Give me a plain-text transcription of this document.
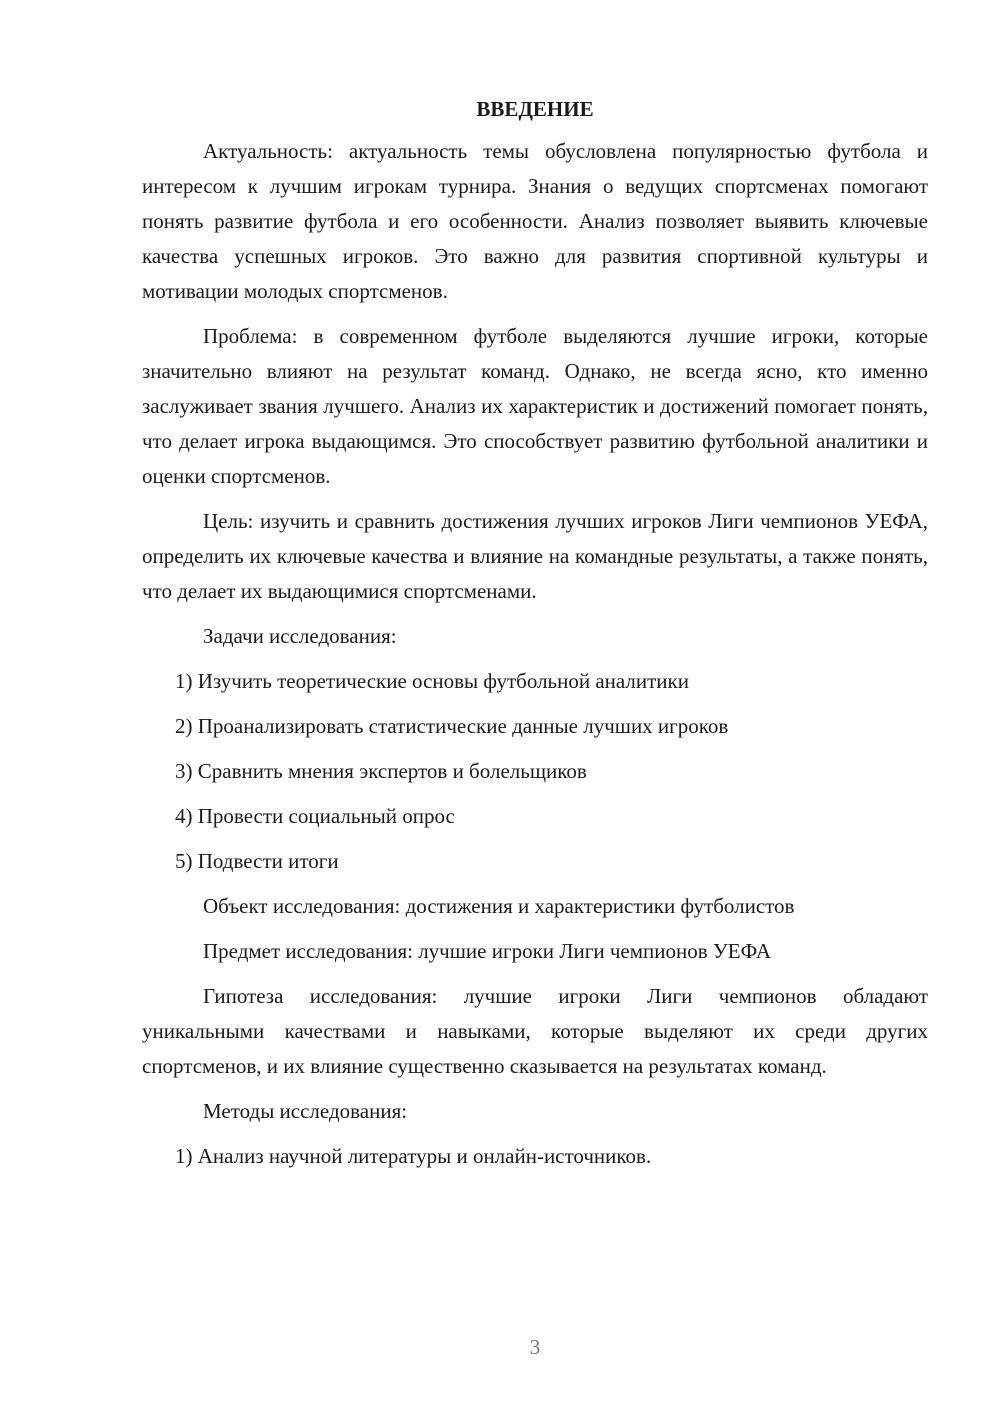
ВВЕДЕНИЕ

Актуальность: актуальность темы обусловлена популярностью футбола и интересом к лучшим игрокам турнира. Знания о ведущих спортсменах помогают понять развитие футбола и его особенности. Анализ позволяет выявить ключевые качества успешных игроков. Это важно для развития спортивной культуры и мотивации молодых спортсменов.

Проблема: в современном футболе выделяются лучшие игроки, которые значительно влияют на результат команд. Однако, не всегда ясно, кто именно заслуживает звания лучшего. Анализ их характеристик и достижений помогает понять, что делает игрока выдающимся. Это способствует развитию футбольной аналитики и оценки спортсменов.

Цель: изучить и сравнить достижения лучших игроков Лиги чемпионов УЕФА, определить их ключевые качества и влияние на командные результаты, а также понять, что делает их выдающимися спортсменами.

Задачи исследования:
1) Изучить теоретические основы футбольной аналитики
2) Проанализировать статистические данные лучших игроков
3) Сравнить мнения экспертов и болельщиков
4) Провести социальный опрос
5) Подвести итоги
Объект исследования: достижения и характеристики футболистов
Предмет исследования: лучшие игроки Лиги чемпионов УЕФА

Гипотеза исследования: лучшие игроки Лиги чемпионов обладают уникальными качествами и навыками, которые выделяют их среди других спортсменов, и их влияние существенно сказывается на результатах команд.

Методы исследования:
1) Анализ научной литературы и онлайн-источников.
3
